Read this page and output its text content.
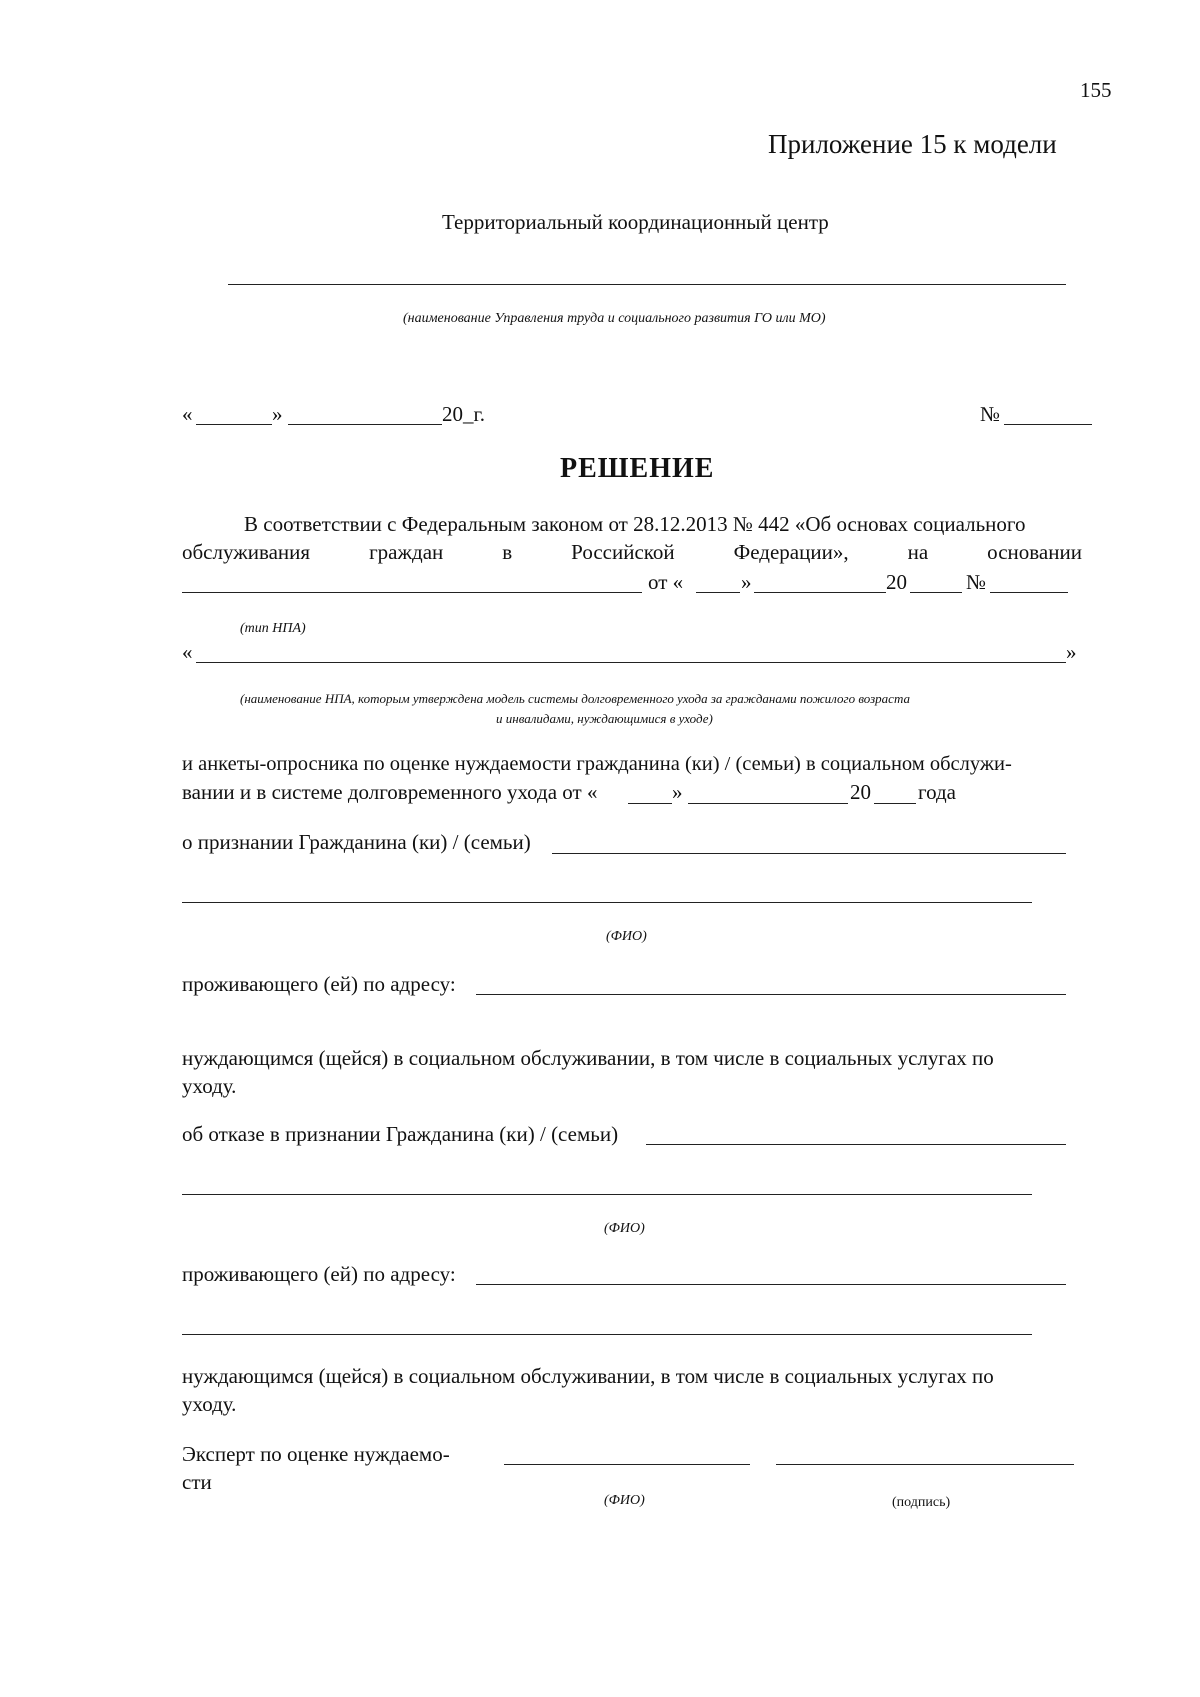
155
Приложение 15 к модели
Территориальный координационный центр
(наименование Управления труда и социального развития ГО или МО)
«	»	20_г.	№
РЕШЕНИЕ
В соответствии с Федеральным законом от 28.12.2013 № 442 «Об основах социального
обслуживания	граждан	в	Российской	Федерации»,	на	основании
от «	»	20	№
(тип НПА)
«	»
(наименование НПА, которым утверждена модель системы долговременного ухода за гражданами пожилого возраста
и инвалидами, нуждающимися в уходе)
и анкеты-опросника по оценке нуждаемости гражданина (ки) / (семьи) в социальном обслужи-
вании и в системе долговременного ухода от «	»	20 года
о признании Гражданина (ки) / (семьи)
(ФИО)
проживающего (ей) по адресу:
нуждающимся (щейся) в социальном обслуживании, в том числе в социальных услугах по
уходу.
об отказе в признании Гражданина (ки) / (семьи)
(ФИО)
проживающего (ей) по адресу:
нуждающимся (щейся) в социальном обслуживании, в том числе в социальных услугах по
уходу.
Эксперт по оценке нуждаемо-
сти
(ФИО)	(подпись)
